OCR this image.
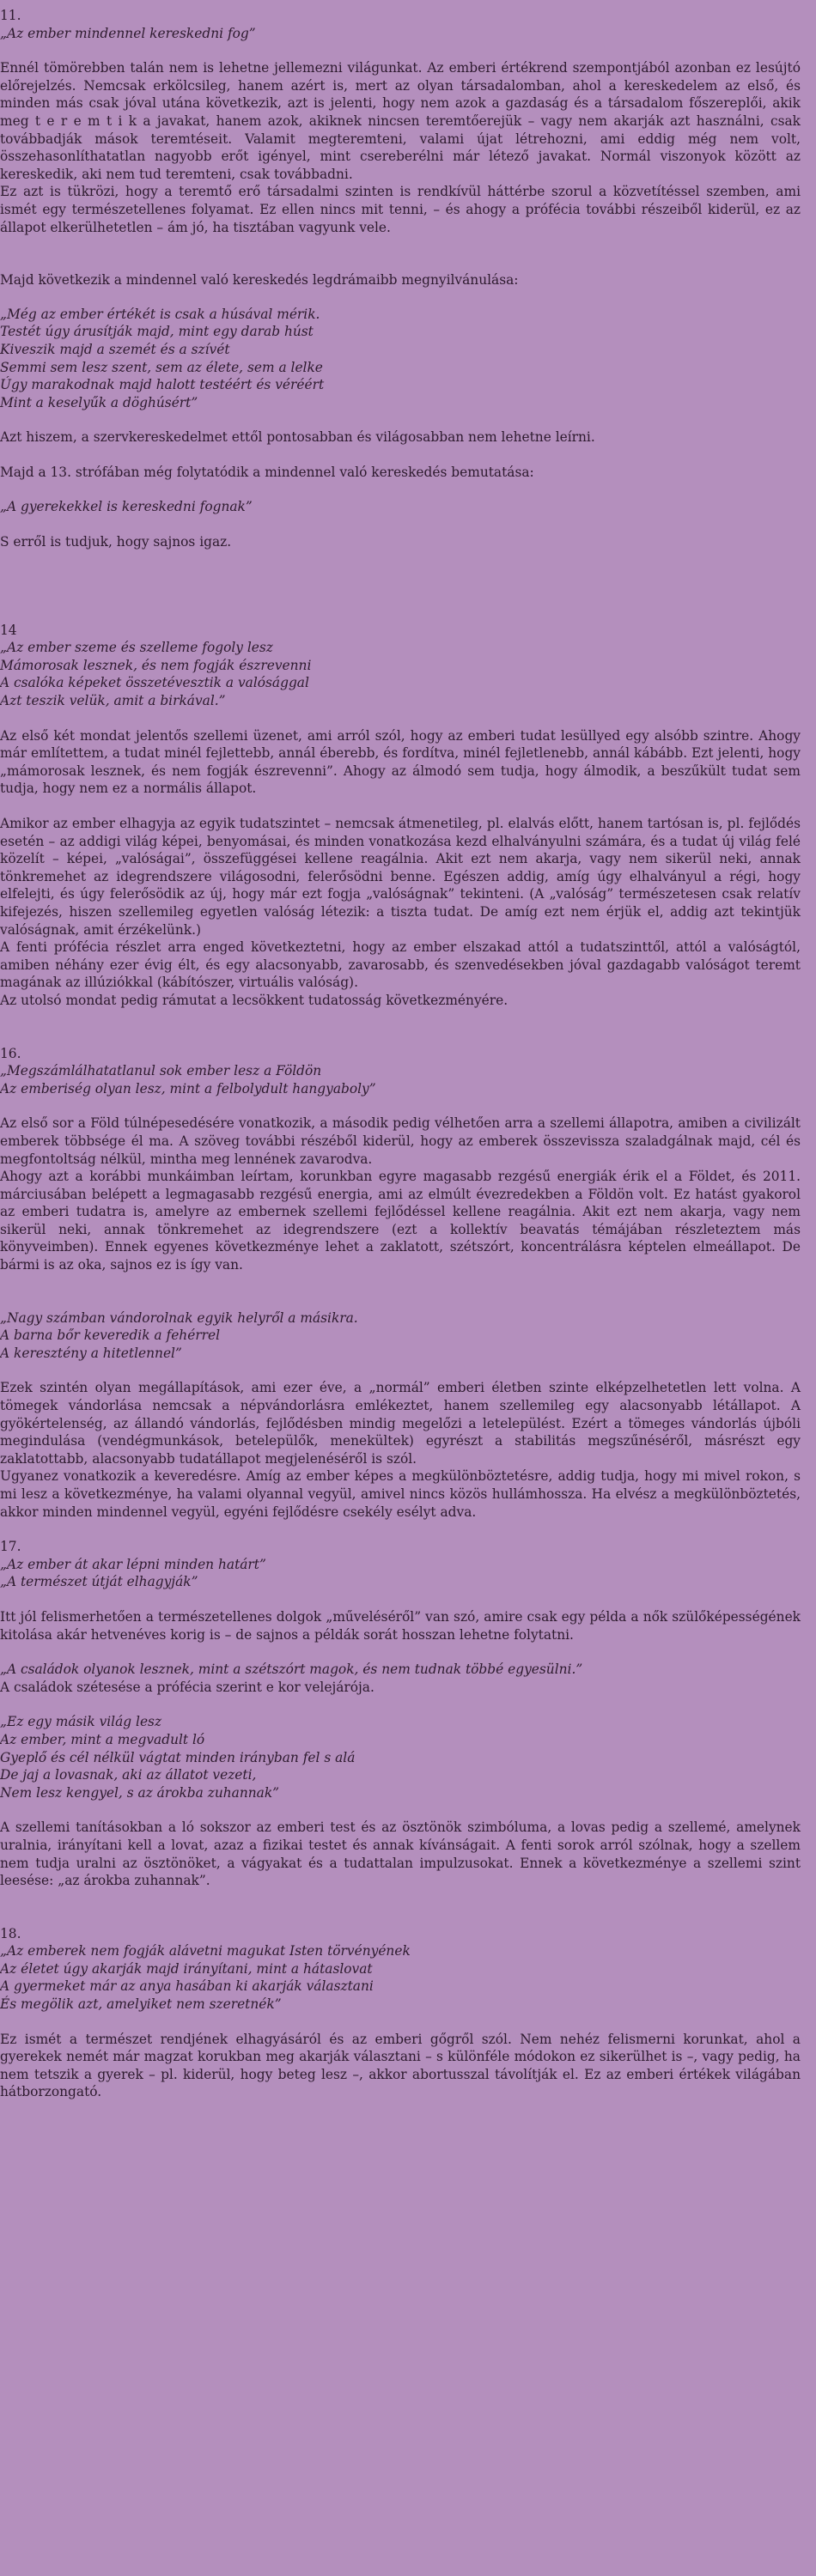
11.

„Az ember mindennel kereskedni fog”

Ennél tömörebben talán nem is lehetne jellemezni világunkat. Az emberi értékrend szempontjából azonban ez lesújtó előrejelzés. Nemcsak erkölcsileg, hanem azért is, mert az olyan társadalomban, ahol a kereskedelem az első, és minden más csak jóval utána következik, azt is jelenti, hogy nem azok a gazdaság és a társadalom főszereplői, akik meg t e r e m t i k a javakat, hanem azok, akiknek nincsen teremtőerejük – vagy nem akarják azt használni, csak továbbadják mások teremtéseit. Valamit megteremteni, valami újat létrehozni, ami eddig még nem volt, összehasonlíthatatlan nagyobb erőt igényel, mint csereberélni már létező javakat. Normál viszonyok között az kereskedik, aki nem tud teremteni, csak továbbadni.

Ez azt is tükrözi, hogy a teremtő erő társadalmi szinten is rendkívül háttérbe szorul a közvetítéssel szemben, ami ismét egy természetellenes folyamat. Ez ellen nincs mit tenni, – és ahogy a prófécia további részeiből kiderül, ez az állapot elkerülhetetlen – ám jó, ha tisztában vagyunk vele.

Majd következik a mindennel való kereskedés legdrámaibb megnyilvánulása:

„Még az ember értékét is csak a húsával mérik.

Testét úgy árusítják majd, mint egy darab húst

Kiveszik majd a szemét és a szívét

Semmi sem lesz szent, sem az élete, sem a lelke

Úgy marakodnak majd halott testéért és véréért

Mint a keselyűk a döghúsért”

Azt hiszem, a szervkereskedelmet ettől pontosabban és világosabban nem lehetne leírni.

Majd a 13. strófában még folytatódik a mindennel való kereskedés bemutatása:

„A gyerekekkel is kereskedni fognak”

S erről is tudjuk, hogy sajnos igaz.

14

„Az ember szeme és szelleme fogoly lesz

Mámorosak lesznek, és nem fogják észrevenni

A csalóka képeket összetévesztik a valósággal

Azt teszik velük, amit a birkával.”

Az első két mondat jelentős szellemi üzenet, ami arról szól, hogy az emberi tudat lesüllyed egy alsóbb szintre. Ahogy már említettem, a tudat minél fejlettebb, annál éberebb, és fordítva, minél fejletlenebb, annál kábább. Ezt jelenti, hogy „mámorosak lesznek, és nem fogják észrevenni”. Ahogy az álmodó sem tudja, hogy álmodik, a beszűkült tudat sem tudja, hogy nem ez a normális állapot.

Amikor az ember elhagyja az egyik tudatszintet – nemcsak átmenetileg, pl. elalvás előtt, hanem tartósan is, pl. fejlődés esetén – az addigi világ képei, benyomásai, és minden vonatkozása kezd elhalványulni számára, és a tudat új világ felé közelít – képei, „valóságai”, összefüggései kellene reagálnia. Akit ezt nem akarja, vagy nem sikerül neki, annak tönkremehet az idegrendszere világosodni, felerősödni benne. Egészen addig, amíg úgy elhalványul a régi, hogy elfelejti, és úgy felerősödik az új, hogy már ezt fogja „valóságnak” tekinteni. (A „valóság” természetesen csak relatív kifejezés, hiszen szellemileg egyetlen valóság létezik: a tiszta tudat. De amíg ezt nem érjük el, addig azt tekintjük valóságnak, amit érzékelünk.)

A fenti prófécia részlet arra enged következtetni, hogy az ember elszakad attól a tudatszinttől, attól a valóságtól, amiben néhány ezer évig élt, és egy alacsonyabb, zavarosabb, és szenvedésekben jóval gazdagabb valóságot teremt magának az illúziókkal (kábítószer, virtuális valóság).

Az utolsó mondat pedig rámutat a lecsökkent tudatosság következményére.

16.

„Megszámlálhatatlanul sok ember lesz a Földön

Az emberiség olyan lesz, mint a felbolydult hangyaboly”

Az első sor a Föld túlnépesedésére vonatkozik, a második pedig vélhetően arra a szellemi állapotra, amiben a civilizált emberek többsége él ma. A szöveg további részéből kiderül, hogy az emberek összevissza szaladgálnak majd, cél és megfontoltság nélkül, mintha meg lennének zavarodva.

Ahogy azt a korábbi munkáimban leírtam, korunkban egyre magasabb rezgésű energiák érik el a Földet, és 2011. márciusában belépett a legmagasabb rezgésű energia, ami az elmúlt évezredekben a Földön volt. Ez hatást gyakorol az emberi tudatra is, amelyre az embernek szellemi fejlődéssel kellene reagálnia. Akit ezt nem akarja, vagy nem sikerül neki, annak tönkremehet az idegrendszere (ezt a kollektív beavatás témájában részleteztem más könyveimben). Ennek egyenes következménye lehet a zaklatott, szétszórt, koncentrálásra képtelen elmeállapot. De bármi is az oka, sajnos ez is így van.

„Nagy számban vándorolnak egyik helyről a másikra.

A barna bőr keveredik a fehérrel

A keresztény a hitetlennel”

Ezek szintén olyan megállapítások, ami ezer éve, a „normál” emberi életben szinte elképzelhetetlen lett volna. A tömegek vándorlása nemcsak a népvándorlásra emlékeztet, hanem szellemileg egy alacsonyabb létállapot. A gyökértelenség, az állandó vándorlás, fejlődésben mindig megelőzi a letelepülést. Ezért a tömeges vándorlás újbóli megindulása (vendégmunkások, betelepülők, menekültek) egyrészt a stabilitás megszűnéséről, másrészt egy zaklatottabb, alacsonyabb tudatállapot megjelenéséről is szól.

Ugyanez vonatkozik a keveredésre. Amíg az ember képes a megkülönböztetésre, addig tudja, hogy mi mivel rokon, s mi lesz a következménye, ha valami olyannal vegyül, amivel nincs közös hullámhossza. Ha elvész a megkülönböztetés, akkor minden mindennel vegyül, egyéni fejlődésre csekély esélyt adva.

17.

„Az ember át akar lépni minden határt”

„A természet útját elhagyják”

Itt jól felismerhetően a természetellenes dolgok „műveléséről” van szó, amire csak egy példa a nők szülőképességének kitolása akár hetvenéves korig is – de sajnos a példák sorát hosszan lehetne folytatni.

„A családok olyanok lesznek, mint a szétszórt magok, és nem tudnak többé egyesülni.”

A családok szétesése a prófécia szerint e kor velejárója.

„Ez egy másik világ lesz

Az ember, mint a megvadult ló

Gyeplő és cél nélkül vágtat minden irányban fel s alá

De jaj a lovasnak, aki az állatot vezeti,

Nem lesz kengyel, s az árokba zuhannak”

A szellemi tanításokban a ló sokszor az emberi test és az ösztönök szimbóluma, a lovas pedig a szellemé, amelynek uralnia, irányítani kell a lovat, azaz a fizikai testet és annak kívánságait. A fenti sorok arról szólnak, hogy a szellem nem tudja uralni az ösztönöket, a vágyakat és a tudattalan impulzusokat. Ennek a következménye a szellemi szint leesése: „az árokba zuhannak”.

18.

„Az emberek nem fogják alávetni magukat Isten törvényének

Az életet úgy akarják majd irányítani, mint a hátaslovat

A gyermeket már az anya hasában ki akarják választani

És megölik azt, amelyiket nem szeretnék”

Ez ismét a természet rendjének elhagyásáról és az emberi gőgről szól. Nem nehéz felismerni korunkat, ahol a gyerekek nemét már magzat korukban meg akarják választani – s különféle módokon ez sikerülhet is –, vagy pedig, ha nem tetszik a gyerek – pl. kiderül, hogy beteg lesz –, akkor abortusszal távolítják el. Ez az emberi értékek világában hátborzongató.
